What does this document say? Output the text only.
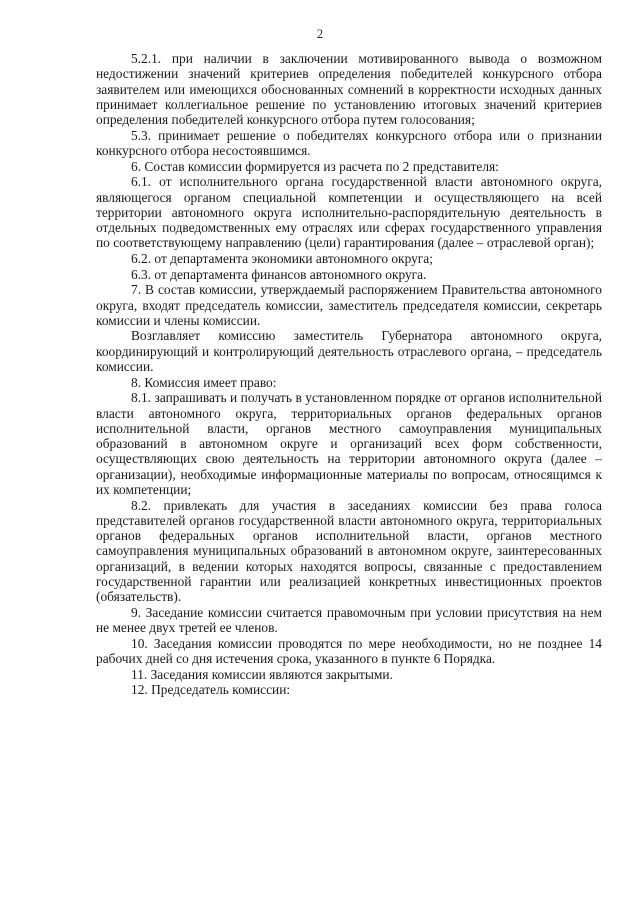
2

5.2.1. при наличии в заключении мотивированного вывода о возможном недостижении значений критериев определения победителей конкурсного отбора заявителем или имеющихся обоснованных сомнений в корректности исходных данных принимает коллегиальное решение по установлению итоговых значений критериев определения победителей конкурсного отбора путем голосования;

5.3. принимает решение о победителях конкурсного отбора или о признании конкурсного отбора несостоявшимся.

6. Состав комиссии формируется из расчета по 2 представителя:

6.1. от исполнительного органа государственной власти автономного округа, являющегося органом специальной компетенции и осуществляющего на всей территории автономного округа исполнительно-распорядительную деятельность в отдельных подведомственных ему отраслях или сферах государственного управления по соответствующему направлению (цели) гарантирования (далее – отраслевой орган);

6.2. от департамента экономики автономного округа;

6.3. от департамента финансов автономного округа.

7. В состав комиссии, утверждаемый распоряжением Правительства автономного округа, входят председатель комиссии, заместитель председателя комиссии, секретарь комиссии и члены комиссии.

Возглавляет комиссию заместитель Губернатора автономного округа, координирующий и контролирующий деятельность отраслевого органа, – председатель комиссии.

8. Комиссия имеет право:

8.1. запрашивать и получать в установленном порядке от органов исполнительной власти автономного округа, территориальных органов федеральных органов исполнительной власти, органов местного самоуправления муниципальных образований в автономном округе и организаций всех форм собственности, осуществляющих свою деятельность на территории автономного округа (далее – организации), необходимые информационные материалы по вопросам, относящимся к их компетенции;

8.2. привлекать для участия в заседаниях комиссии без права голоса представителей органов государственной власти автономного округа, территориальных органов федеральных органов исполнительной власти, органов местного самоуправления муниципальных образований в автономном округе, заинтересованных организаций, в ведении которых находятся вопросы, связанные с предоставлением государственной гарантии или реализацией конкретных инвестиционных проектов (обязательств).

9. Заседание комиссии считается правомочным при условии присутствия на нем не менее двух третей ее членов.

10. Заседания комиссии проводятся по мере необходимости, но не позднее 14 рабочих дней со дня истечения срока, указанного в пункте 6 Порядка.

11. Заседания комиссии являются закрытыми.

12. Председатель комиссии:
